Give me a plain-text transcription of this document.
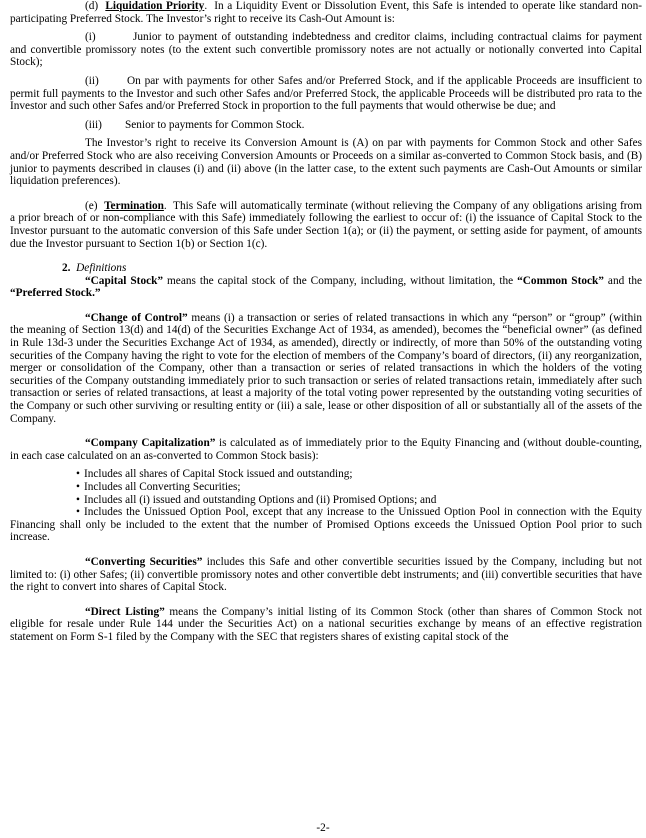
(d) Liquidation Priority.  In a Liquidity Event or Dissolution Event, this Safe is intended to operate like standard non-participating Preferred Stock. The Investor’s right to receive its Cash-Out Amount is:

(i)	Junior to payment of outstanding indebtedness and creditor claims, including contractual claims for payment and convertible promissory notes (to the extent such convertible promissory notes are not actually or notionally converted into Capital Stock);

(ii) On par with payments for other Safes and/or Preferred Stock, and if the applicable Proceeds are insufficient to permit full payments to the Investor and such other Safes and/or Preferred Stock, the applicable Proceeds will be distributed pro rata to the Investor and such other Safes and/or Preferred Stock in proportion to the full payments that would otherwise be due; and

(iii) Senior to payments for Common Stock.

The Investor’s right to receive its Conversion Amount is (A) on par with payments for Common Stock and other Safes and/or Preferred Stock who are also receiving Conversion Amounts or Proceeds on a similar as-converted to Common Stock basis, and (B) junior to payments described in clauses (i) and (ii) above (in the latter case, to the extent such payments are Cash-Out Amounts or similar liquidation preferences).

(e) Termination.  This Safe will automatically terminate (without relieving the Company of any obligations arising from a prior breach of or non-compliance with this Safe) immediately following the earliest to occur of: (i) the issuance of Capital Stock to the Investor pursuant to the automatic conversion of this Safe under Section 1(a); or (ii) the payment, or setting aside for payment, of amounts due the Investor pursuant to Section 1(b) or Section 1(c).

2. Definitions

“Capital Stock” means the capital stock of the Company, including, without limitation, the “Common Stock” and the “Preferred Stock.”

“Change of Control” means (i) a transaction or series of related transactions in which any “person” or “group” (within the meaning of Section 13(d) and 14(d) of the Securities Exchange Act of 1934, as amended), becomes the “beneficial owner” (as defined in Rule 13d-3 under the Securities Exchange Act of 1934, as amended), directly or indirectly, of more than 50% of the outstanding voting securities of the Company having the right to vote for the election of members of the Company’s board of directors, (ii) any reorganization, merger or consolidation of the Company, other than a transaction or series of related transactions in which the holders of the voting securities of the Company outstanding immediately prior to such transaction or series of related transactions retain, immediately after such transaction or series of related transactions, at least a majority of the total voting power represented by the outstanding voting securities of the Company or such other surviving or resulting entity or (iii) a sale, lease or other disposition of all or substantially all of the assets of the Company.

“Company Capitalization” is calculated as of immediately prior to the Equity Financing and (without double-counting, in each case calculated on an as-converted to Common Stock basis):

• Includes all shares of Capital Stock issued and outstanding;
• Includes all Converting Securities;
• Includes all (i) issued and outstanding Options and (ii) Promised Options; and
• Includes the Unissued Option Pool, except that any increase to the Unissued Option Pool in connection with the Equity Financing shall only be included to the extent that the number of Promised Options exceeds the Unissued Option Pool prior to such increase.

“Converting Securities” includes this Safe and other convertible securities issued by the Company, including but not limited to: (i) other Safes; (ii) convertible promissory notes and other convertible debt instruments; and (iii) convertible securities that have the right to convert into shares of Capital Stock.

“Direct Listing” means the Company’s initial listing of its Common Stock (other than shares of Common Stock not eligible for resale under Rule 144 under the Securities Act) on a national securities exchange by means of an effective registration statement on Form S-1 filed by the Company with the SEC that registers shares of existing capital stock of the

-2-
